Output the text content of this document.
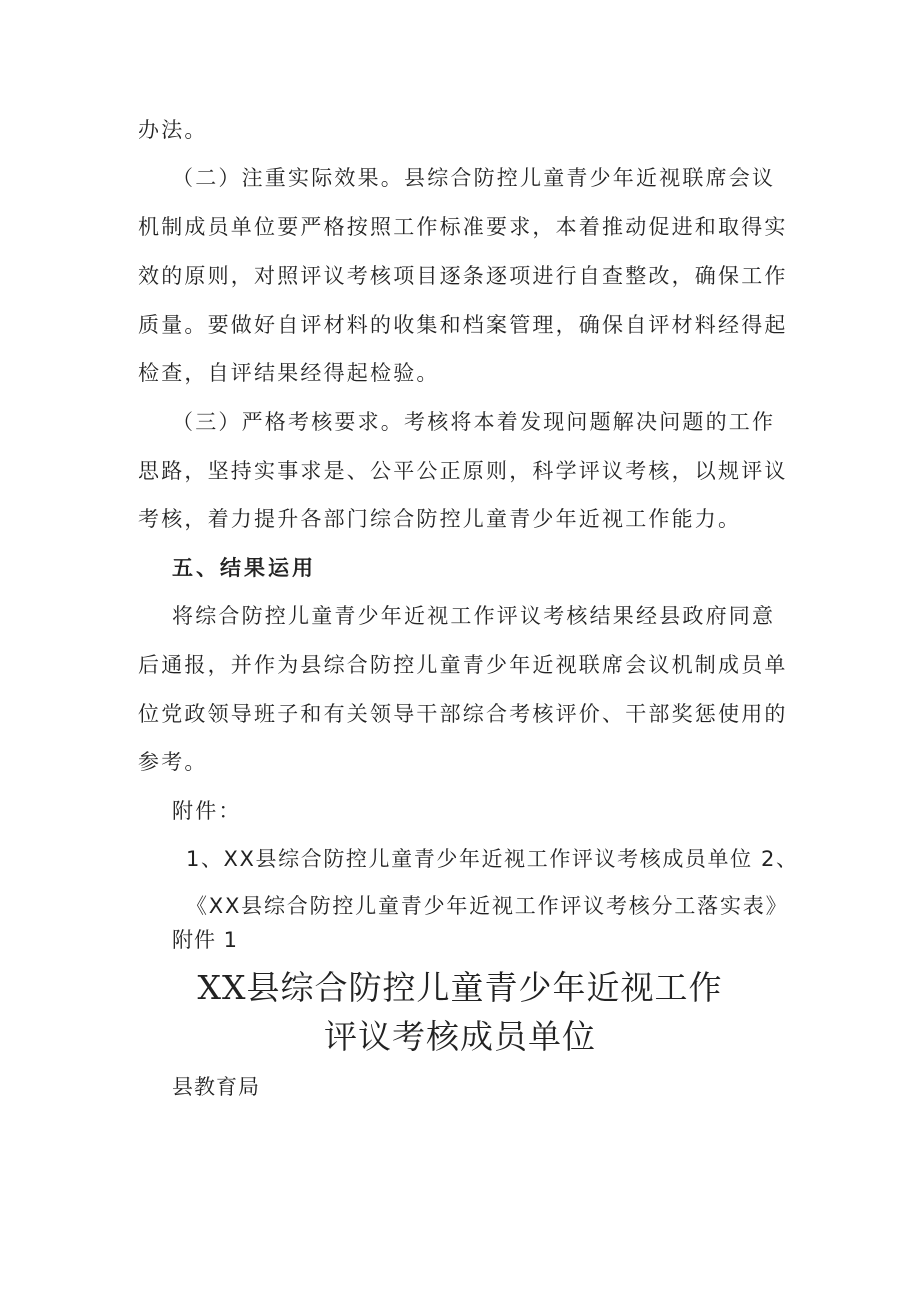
办法。
（二）注重实际效果。县综合防控儿童青少年近视联席会议
机制成员单位要严格按照工作标准要求，本着推动促进和取得实
效的原则，对照评议考核项目逐条逐项进行自查整改，确保工作
质量。要做好自评材料的收集和档案管理，确保自评材料经得起
检查，自评结果经得起检验。
（三）严格考核要求。考核将本着发现问题解决问题的工作
思路，坚持实事求是、公平公正原则，科学评议考核，以规评议
考核，着力提升各部门综合防控儿童青少年近视工作能力。
五、结果运用
将综合防控儿童青少年近视工作评议考核结果经县政府同意
后通报，并作为县综合防控儿童青少年近视联席会议机制成员单
位党政领导班子和有关领导干部综合考核评价、干部奖惩使用的
参考。
附件：
1、XX县综合防控儿童青少年近视工作评议考核成员单位 2、
《XX县综合防控儿童青少年近视工作评议考核分工落实表》
附件 1
XX县综合防控儿童青少年近视工作
评议考核成员单位
县教育局
